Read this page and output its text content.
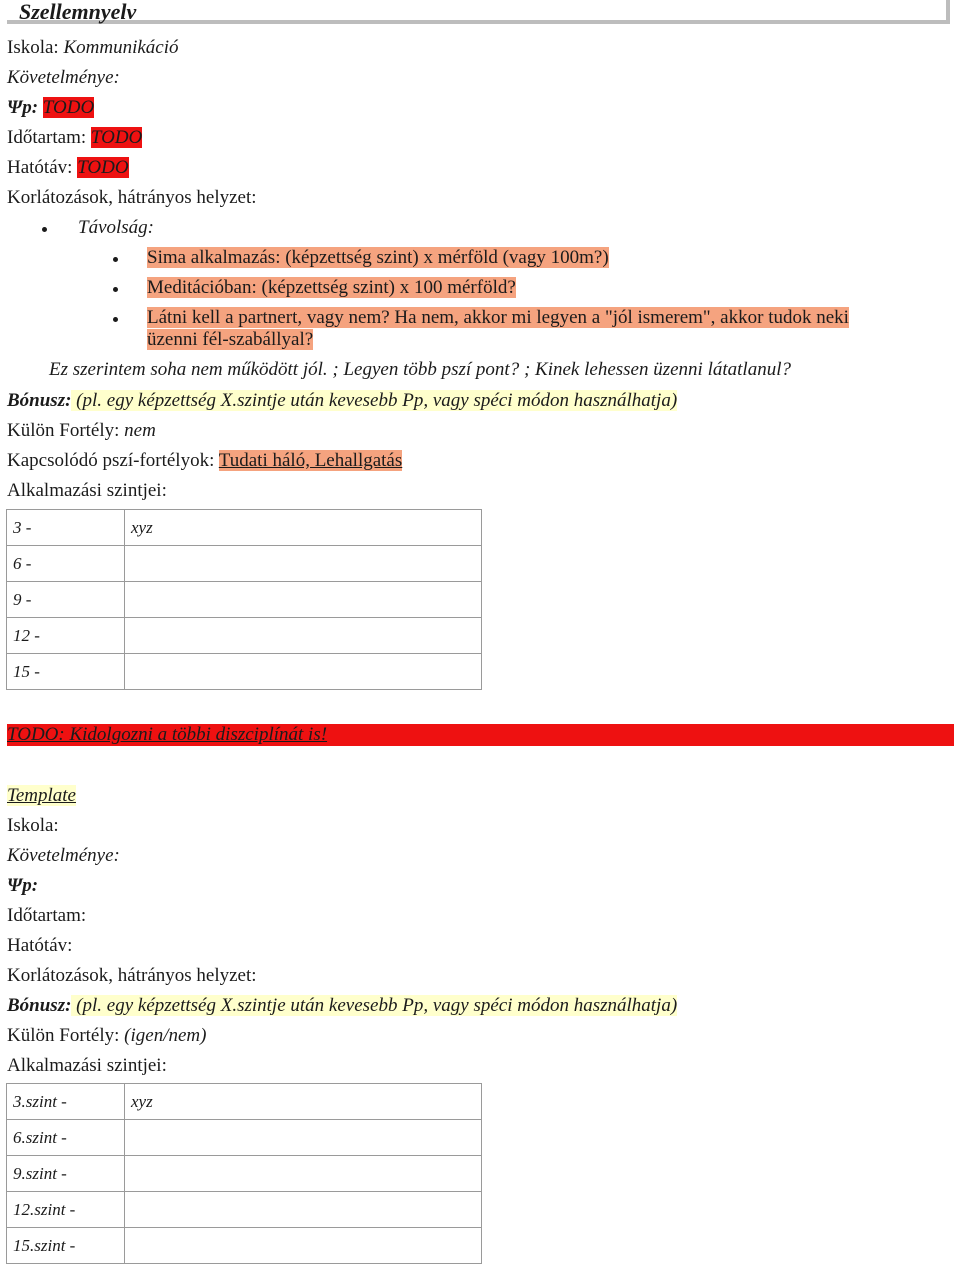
Szellemnyelv
Iskola: Kommunikáció
Követelménye:
Ψp: TODO
Időtartam: TODO
Hatótáv: TODO
Korlátozások, hátrányos helyzet:
Távolság:
Sima alkalmazás: (képzettség szint) x mérföld (vagy 100m?)
Meditációban: (képzettség szint) x 100 mérföld?
Látni kell a partnert, vagy nem? Ha nem, akkor mi legyen a "jól ismerem", akkor tudok neki
üzenni fél-szabállyal?
Ez szerintem soha nem működött jól. ; Legyen több pszí pont? ; Kinek lehessen üzenni látatlanul?
Bónusz: (pl. egy képzettség X.szintje után kevesebb Pp, vagy spéci módon használhatja)
Külön Fortély: nem
Kapcsolódó pszí-fortélyok: Tudati háló, Lehallgatás
Alkalmazási szintjei:
3 -	xyz
6 -	
9 -	
12 -	
15 -	
TODO: Kidolgozni a többi diszciplínát is!
Template
Iskola:
Követelménye:
Ψp:
Időtartam:
Hatótáv:
Korlátozások, hátrányos helyzet:
Bónusz: (pl. egy képzettség X.szintje után kevesebb Pp, vagy spéci módon használhatja)
Külön Fortély: (igen/nem)
Alkalmazási szintjei:
3.szint -	xyz
6.szint -	
9.szint -	
12.szint -	
15.szint -	
